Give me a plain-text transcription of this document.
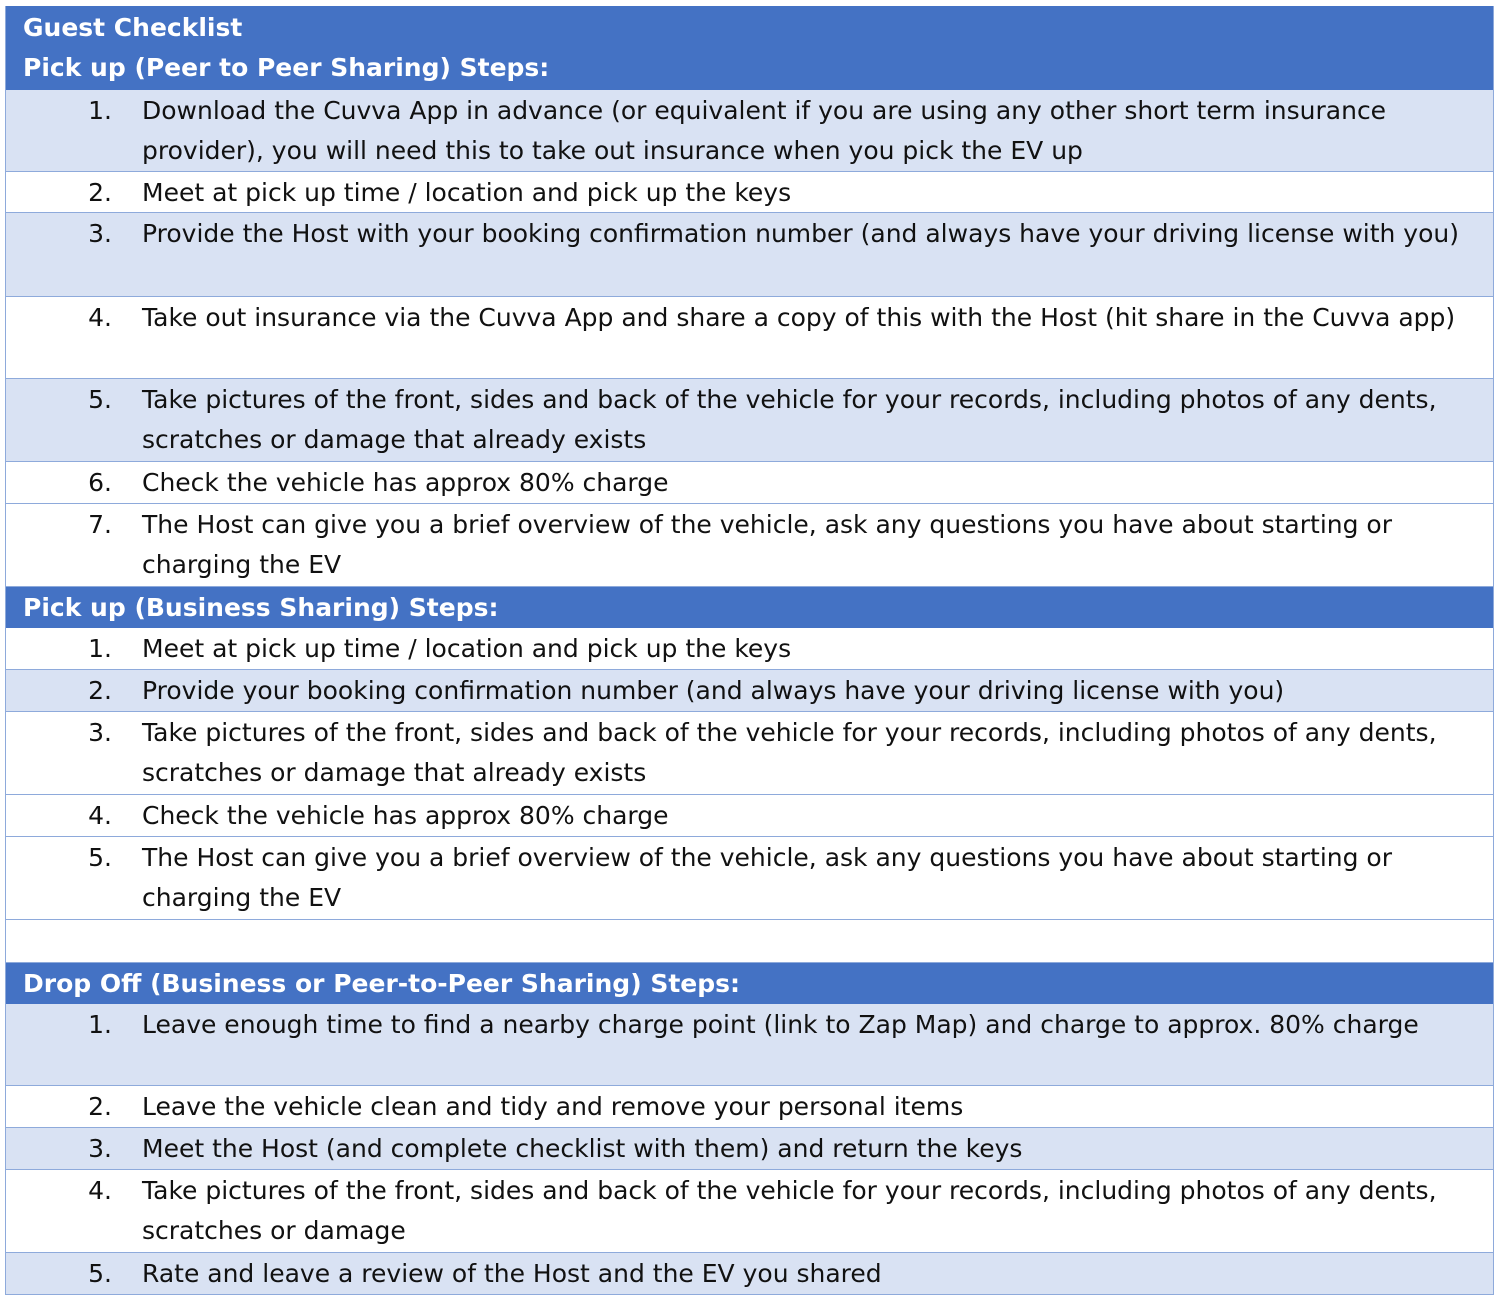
Guest Checklist
Pick up (Peer to Peer Sharing) Steps:
1.	Download the Cuvva App in advance (or equivalent if you are using any other short term insurance provider), you will need this to take out insurance when you pick the EV up
2.	Meet at pick up time / location and pick up the keys
3.	Provide the Host with your booking confirmation number (and always have your driving license with you)
4.	Take out insurance via the Cuvva App and share a copy of this with the Host (hit share in the Cuvva app)
5.	Take pictures of the front, sides and back of the vehicle for your records, including photos of any dents, scratches or damage that already exists
6.	Check the vehicle has approx 80% charge
7.	The Host can give you a brief overview of the vehicle, ask any questions you have about starting or charging the EV
Pick up (Business Sharing) Steps:
1.	Meet at pick up time / location and pick up the keys
2.	Provide your booking confirmation number (and always have your driving license with you)
3.	Take pictures of the front, sides and back of the vehicle for your records, including photos of any dents, scratches or damage that already exists
4.	Check the vehicle has approx 80% charge
5.	The Host can give you a brief overview of the vehicle, ask any questions you have about starting or charging the EV
Drop Off (Business or Peer-to-Peer Sharing) Steps:
1.	Leave enough time to find a nearby charge point (link to Zap Map) and charge to approx. 80% charge
2.	Leave the vehicle clean and tidy and remove your personal items
3.	Meet the Host (and complete checklist with them) and return the keys
4.	Take pictures of the front, sides and back of the vehicle for your records, including photos of any dents, scratches or damage
5.	Rate and leave a review of the Host and the EV you shared
